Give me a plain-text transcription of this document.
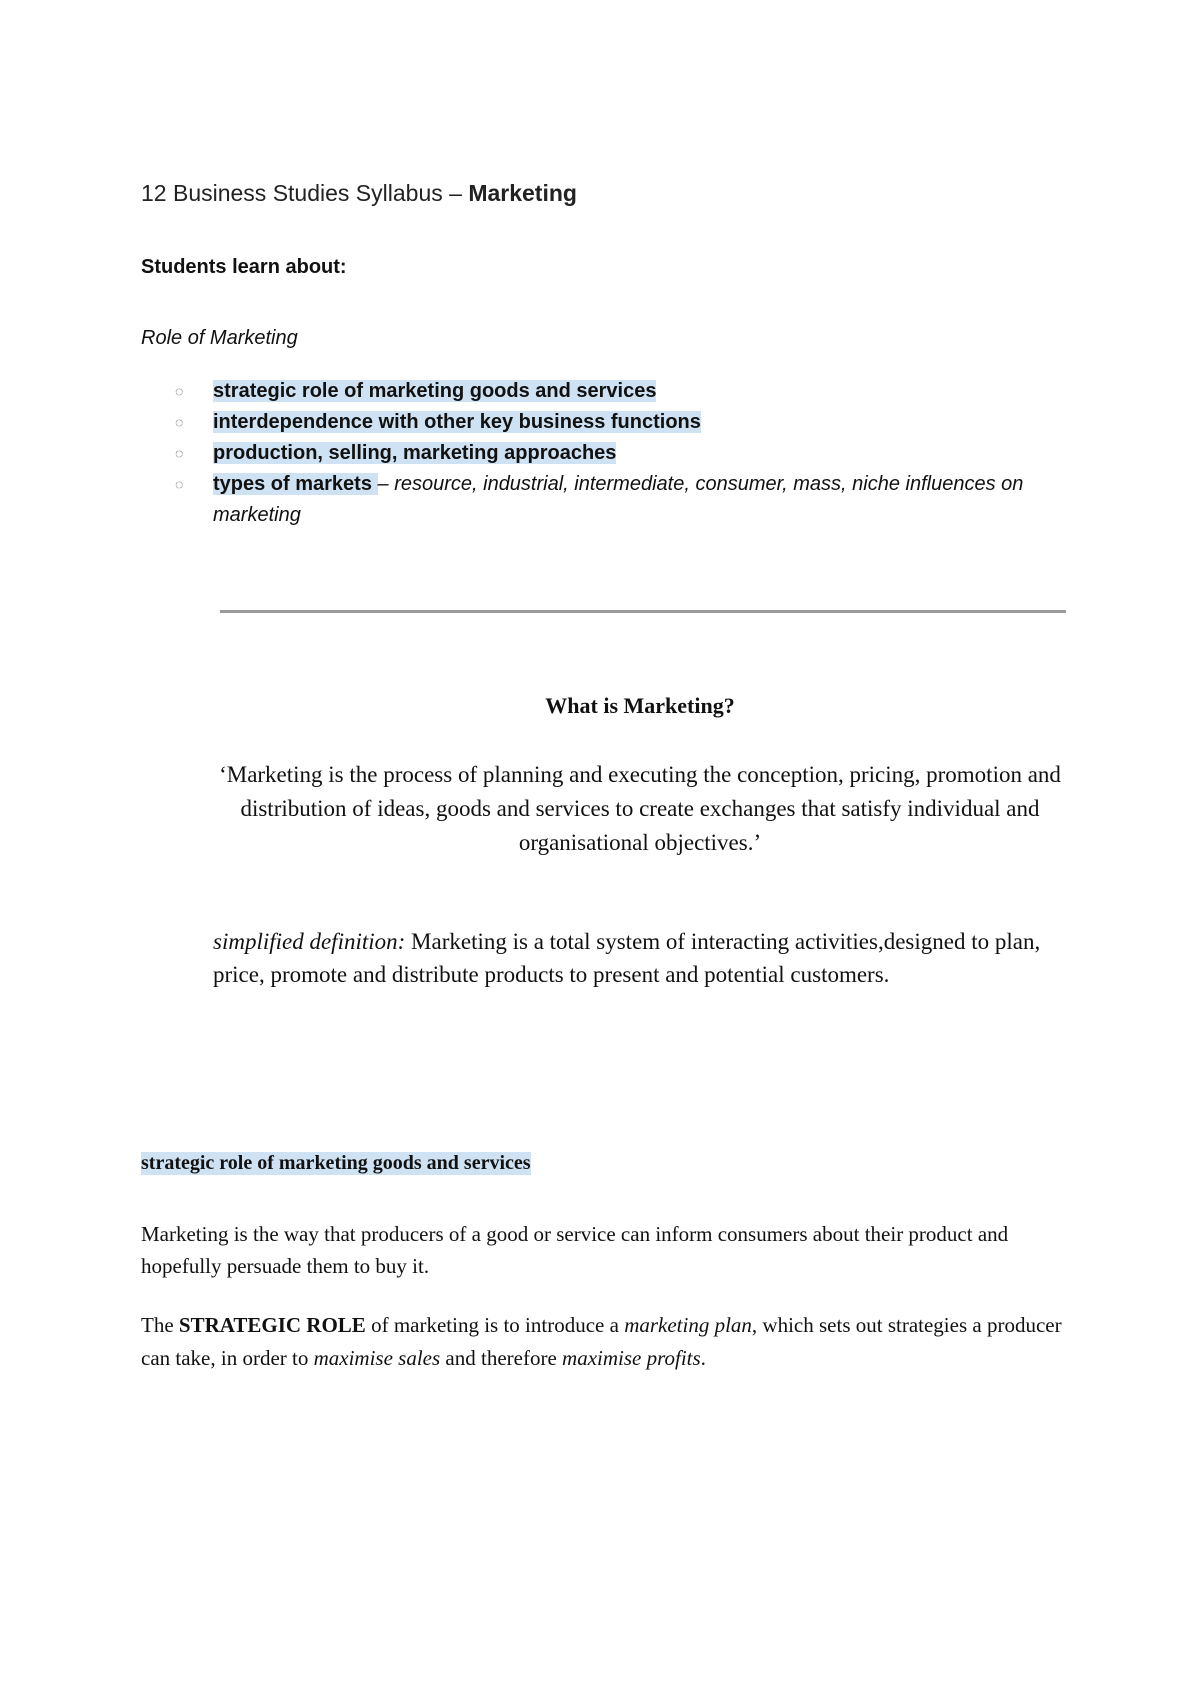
12 Business Studies Syllabus – Marketing
Students learn about:
Role of Marketing
◌	strategic role of marketing goods and services
◌	interdependence with other key business functions
◌	production, selling, marketing approaches
◌	types of markets – resource, industrial, intermediate, consumer, mass, niche influences on marketing
What is Marketing?
‘Marketing is the process of planning and executing the conception, pricing, promotion and distribution of ideas, goods and services to create exchanges that satisfy individual and organisational objectives.’
simplified definition: Marketing is a total system of interacting activities,designed to plan, price, promote and distribute products to present and potential customers.
strategic role of marketing goods and services
Marketing is the way that producers of a good or service can inform consumers about their product and hopefully persuade them to buy it.
The STRATEGIC ROLE of marketing is to introduce a marketing plan, which sets out strategies a producer can take, in order to maximise sales and therefore maximise profits.
